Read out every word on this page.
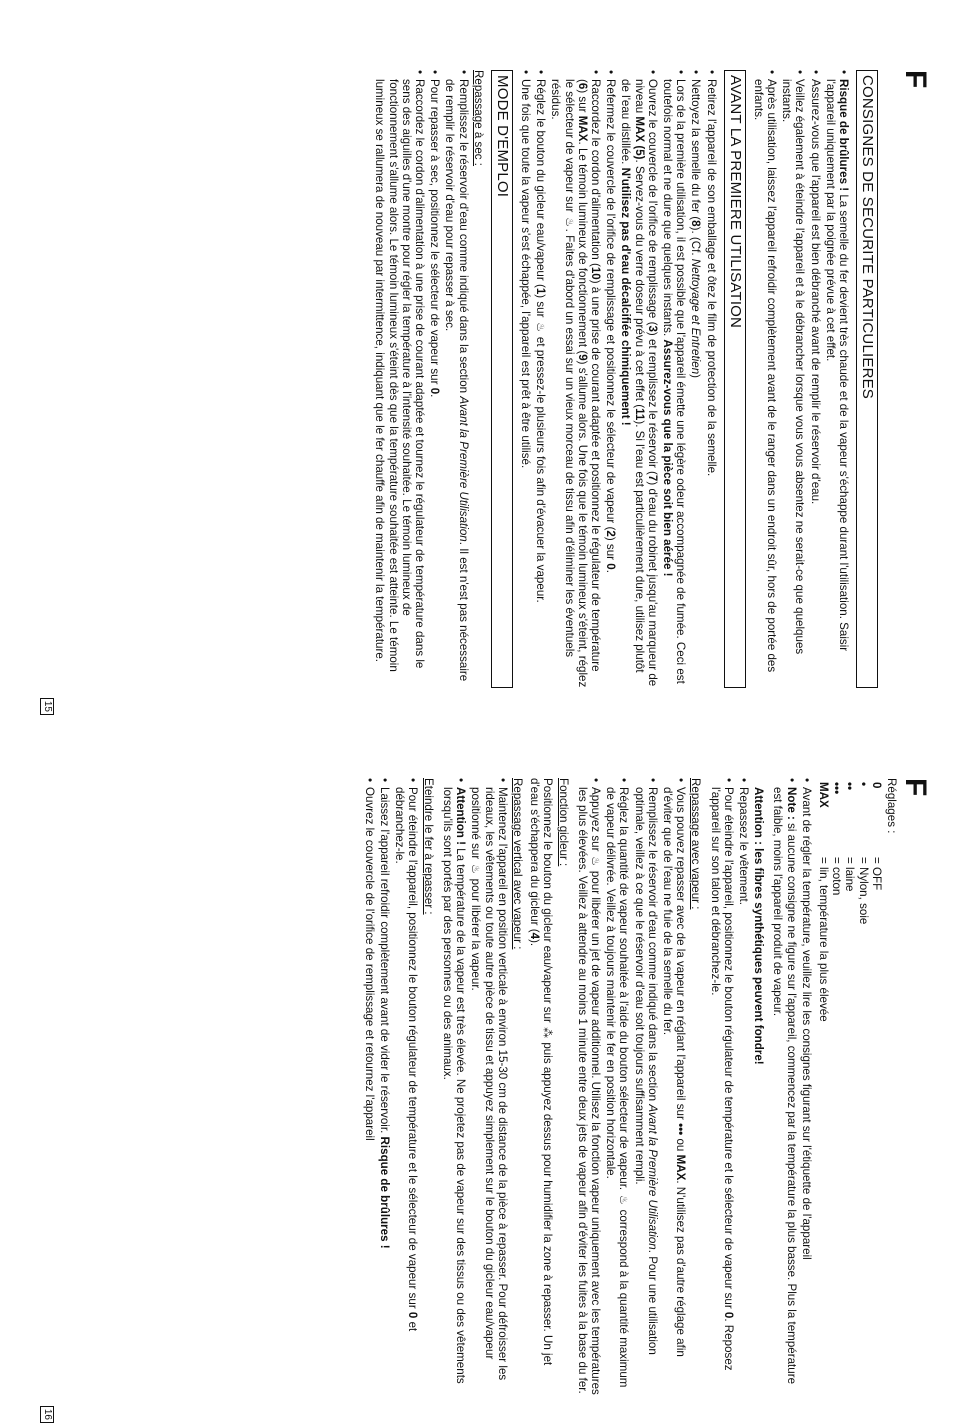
F
CONSIGNES DE SECURITE PARTICULIERES
• Risque de brûlures ! La semelle du fer devient très chaude et de la vapeur s'échappe durant l'utilisation. Saisir l'appareil uniquement par la poignée prévue à cet effet.
• Assurez-vous que l'appareil est bien débranché avant de remplir le réservoir d'eau.
• Veillez également à éteindre l'appareil et à le débrancher lorsque vous vous absentez ne serait-ce que quelques instants.
• Après utilisation, laissez l'appareil refroidir complètement avant de le ranger dans un endroit sûr, hors de portée des enfants.
AVANT LA PREMIERE UTILISATION
• Retirez l'appareil de son emballage et ôtez le film de protection de la semelle.
• Nettoyez la semelle du fer (8). (Cf. Nettoyage et Entretien)
• Lors de la première utilisation, il est possible que l'appareil émette une légère odeur accompagnée de fumée. Ceci est toutefois normal et ne dure que quelques instants. Assurez-vous que la pièce soit bien aérée !
• Ouvrez le couvercle de l'orifice de remplissage (3) et remplissez le réservoir (7) d'eau du robinet jusqu'au marqueur de niveau MAX (5). Servez-vous du verre doseur prévu à cet effet (11). Si l'eau est particulièrement dure, utilisez plutôt de l'eau distillée. N'utilisez pas d'eau décalcifiée chimiquement !
• Refermez le couvercle de l'orifice de remplissage et positionnez le sélecteur de vapeur (2) sur 0.
• Raccordez le cordon d'alimentation (10) à une prise de courant adaptée et positionnez le régulateur de température (6) sur MAX. Le témoin lumineux de fonctionnement (9) s'allume alors. Une fois que le témoin lumineux s'éteint, réglez le sélecteur de vapeur sur ♨. Faites d'abord un essai sur un vieux morceau de tissu afin d'éliminer les éventuels résidus.
• Réglez le bouton du gicleur eau/vapeur (1) sur ♨ et pressez-le plusieurs fois afin d'évacuer la vapeur.
• Une fois que toute la vapeur s'est échappée, l'appareil est prêt à être utilisé.
MODE D'EMPLOI
Repassage à sec :
• Remplissez le réservoir d'eau comme indiqué dans la section Avant la Première Utilisation. Il est n'est pas nécessaire de remplir le réservoir d'eau pour repasser à sec.
• Pour repasser à sec, positionnez le sélecteur de vapeur sur 0.
• Raccordez le cordon d'alimentation à une prise de courant adaptée et tournez le régulateur de température dans le sens des aiguilles d'une montre pour régler la température à l'intensité souhaitée. Le témoin lumineux de fonctionnement s'allume alors. Le témoin lumineux s'éteint dès que la température souhaitée est atteinte. Le témoin lumineux se rallumera de nouveau par intermittence, indiquant que le fer chauffe afin de maintenir la température.
15
F
Réglages :
0	= OFF
•	= Nylon, soie
••	= laine
•••	= coton
MAX	= lin, température la plus élevée
• Avant de régler la température, veuillez lire les consignes figurant sur l'étiquette de l'appareil
• Note : si aucune consigne ne figure sur l'appareil, commencez par la température la plus basse. Plus la température est faible, moins l'appareil produit de vapeur.
Attention : les fibres synthétiques peuvent fondre!
• Repassez le vêtement.
• Pour éteindre l'appareil, positionnez le bouton régulateur de température et le sélecteur de vapeur sur 0. Reposez l'appareil sur son talon et débranchez-le.
Repassage avec vapeur :
• Vous pouvez repasser avec de la vapeur en réglant l'appareil sur ••• ou MAX. N'utilisez pas d'autre réglage afin d'éviter que de l'eau ne fuie de la semelle du fer.
• Remplissez le réservoir d'eau comme indiqué dans la section Avant la Première Utilisation. Pour une utilisation optimale, veillez à ce que le réservoir d'eau soit toujours suffisamment rempli.
• Réglez la quantité de vapeur souhaitée à l'aide du bouton sélecteur de vapeur. ♨ correspond à la quantité maximum de vapeur délivrée. Veillez à toujours maintenir le fer en position horizontale.
• Appuyez sur ♨ pour libérer un jet de vapeur additionnel. Utilisez la fonction vapeur uniquement avec les températures les plus élevées. Veillez à attendre au moins 1 minute entre deux jets de vapeur afin d'éviter les fuites à la base du fer.
Fonction gicleur :
Positionnez le bouton du gicleur eau/vapeur sur ⁂ puis appuyez dessus pour humidifier la zone à repasser. Un jet d'eau s'échappera du gicleur (4).
Repassage vertical avec vapeur :
• Maintenez l'appareil en position verticale à environ 15-30 cm de distance de la pièce à repasser. Pour défroisser les rideaux, les vêtements ou toute autre pièce de tissu et appuyez simplement sur le bouton du gicleur eau/vapeur positionné sur ♨ pour libérer la vapeur.
• Attention ! La température de la vapeur est très élevée. Ne projetez pas de vapeur sur des tissus ou des vêtements lorsqu'ils sont portés par des personnes ou des animaux.
Eteindre le fer à repasser :
• Pour éteindre l'appareil, positionnez le bouton régulateur de température et le sélecteur de vapeur sur 0 et débranchez-le.
• Laissez l'appareil refroidir complètement avant de vider le réservoir. Risque de brûlures !
• Ouvrez le couvercle de l'orifice de remplissage et retournez l'appareil
16
